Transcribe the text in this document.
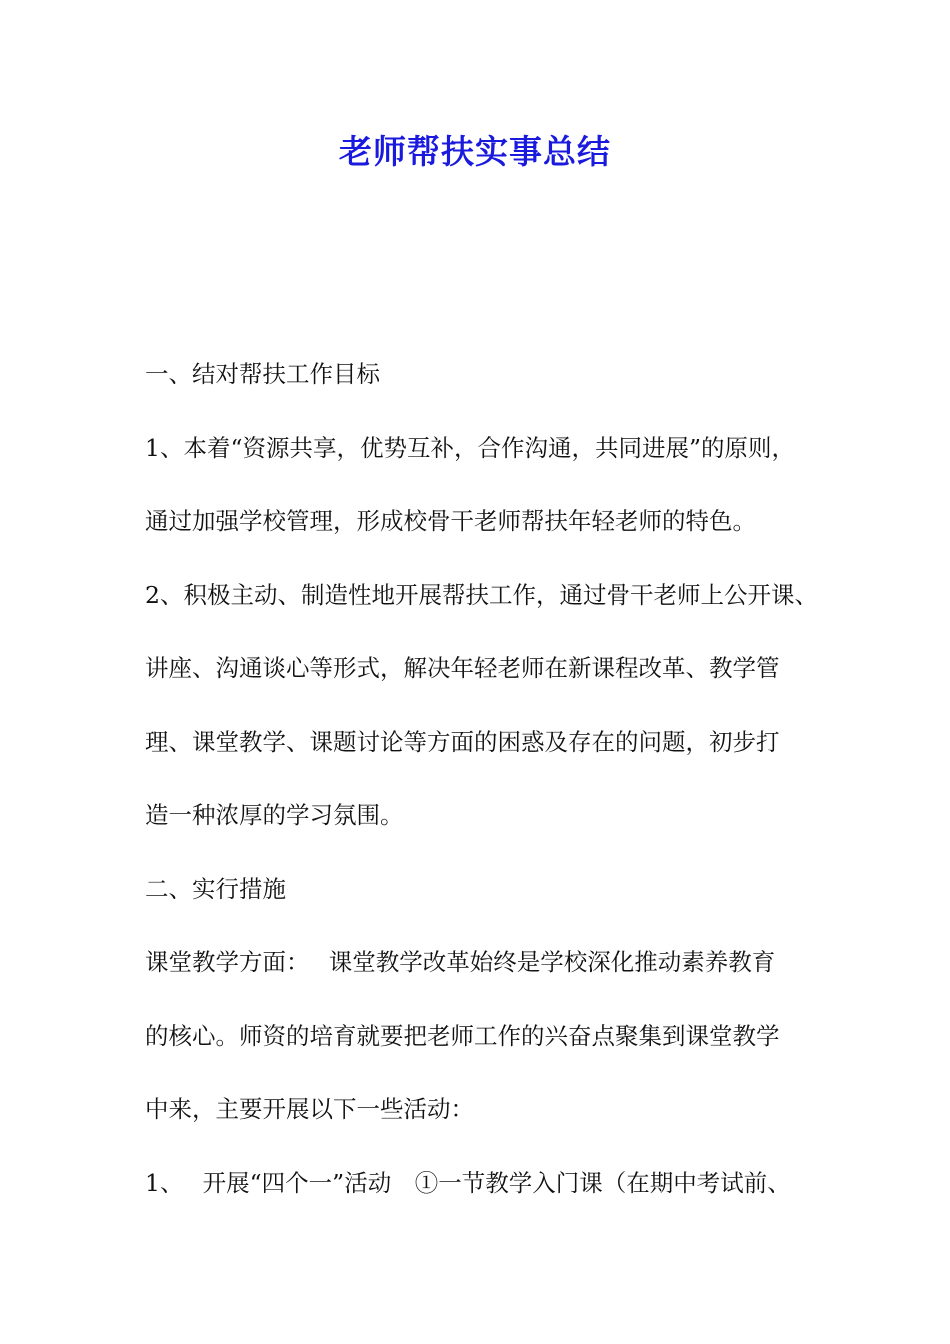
老师帮扶实事总结
一、结对帮扶工作目标
1、本着“资源共享，优势互补，合作沟通，共同进展”的原则，
通过加强学校管理，形成校骨干老师帮扶年轻老师的特色。
2、积极主动、制造性地开展帮扶工作，通过骨干老师上公开课、
讲座、沟通谈心等形式，解决年轻老师在新课程改革、教学管
理、课堂教学、课题讨论等方面的困惑及存在的问题，初步打
造一种浓厚的学习氛围。
二、实行措施
课堂教学方面：　 课堂教学改革始终是学校深化推动素养教育
的核心。师资的培育就要把老师工作的兴奋点聚集到课堂教学
中来，主要开展以下一些活动：
1、　 开展“四个一”活动　①一节教学入门课（在期中考试前、
